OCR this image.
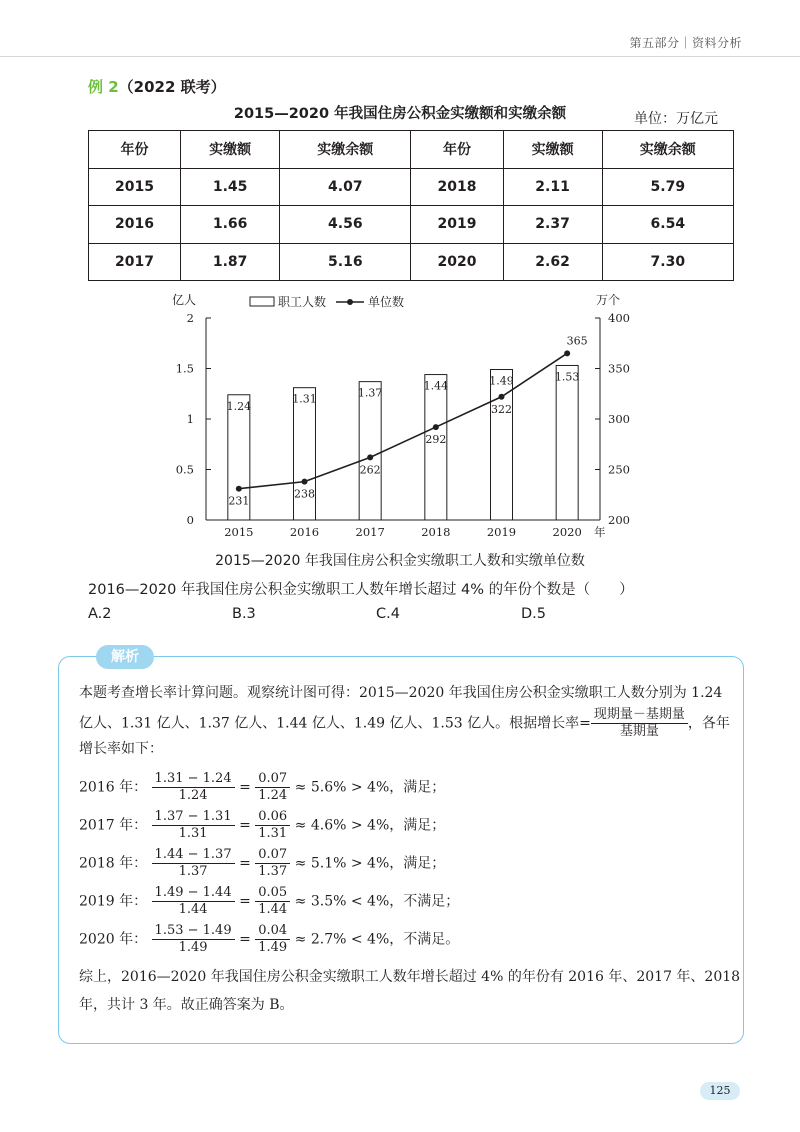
第五部分｜资料分析
例 2（2022 联考）
2015—2020 年我国住房公积金实缴额和实缴余额	单位：万亿元
年份	实缴额	实缴余额	年份	实缴额	实缴余额
2015	1.45	4.07	2018	2.11	5.79
2016	1.66	4.56	2019	2.37	6.54
2017	1.87	5.16	2020	2.62	7.30
亿人	万个
0
0.5
1
1.5
2
200
250
300
350
400
1.24
1.31	1.37
1.44	1.49	1.53
231
238
262
292
322
365
2015	2016	2017	2018	2019	2020 年
职工人数	单位数
2015—2020 年我国住房公积金实缴职工人数和实缴单位数
2016—2020 年我国住房公积金实缴职工人数年增长超过 4% 的年份个数是（　　）
A.2	B.3	C.4	D.5
本题考查增长率计算问题。观察统计图可得：2015—2020 年我国住房公积金实缴职工人数分别为 1.24
亿人、1.31 亿人、1.37 亿人、1.44 亿人、1.49 亿人、1.53 亿人。根据增长率= $\frac{\text{现期量－基期量}}{\text{基期量}}$ ，各年
增长率如下：
2016 年： $\frac{1.31 - 1.24}{1.24} = \frac{0.07}{1.24} \approx 5.6\% > 4\%$，满足；
2017 年： $\frac{1.37 - 1.31}{1.31} = \frac{0.06}{1.31} \approx 4.6\% > 4\%$，满足；
2018 年： $\frac{1.44 - 1.37}{1.37} = \frac{0.07}{1.37} \approx 5.1\% > 4\%$，满足；
2019 年： $\frac{1.49 - 1.44}{1.44} = \frac{0.05}{1.44} \approx 3.5\% < 4\%$，不满足；
2020 年： $\frac{1.53 - 1.49}{1.49} = \frac{0.04}{1.49} \approx 2.7\% < 4\%$，不满足。
综上，2016—2020 年我国住房公积金实缴职工人数年增长超过 4% 的年份有 2016 年、2017 年、2018
年，共计 3 年。故正确答案为 B。
解析
125
